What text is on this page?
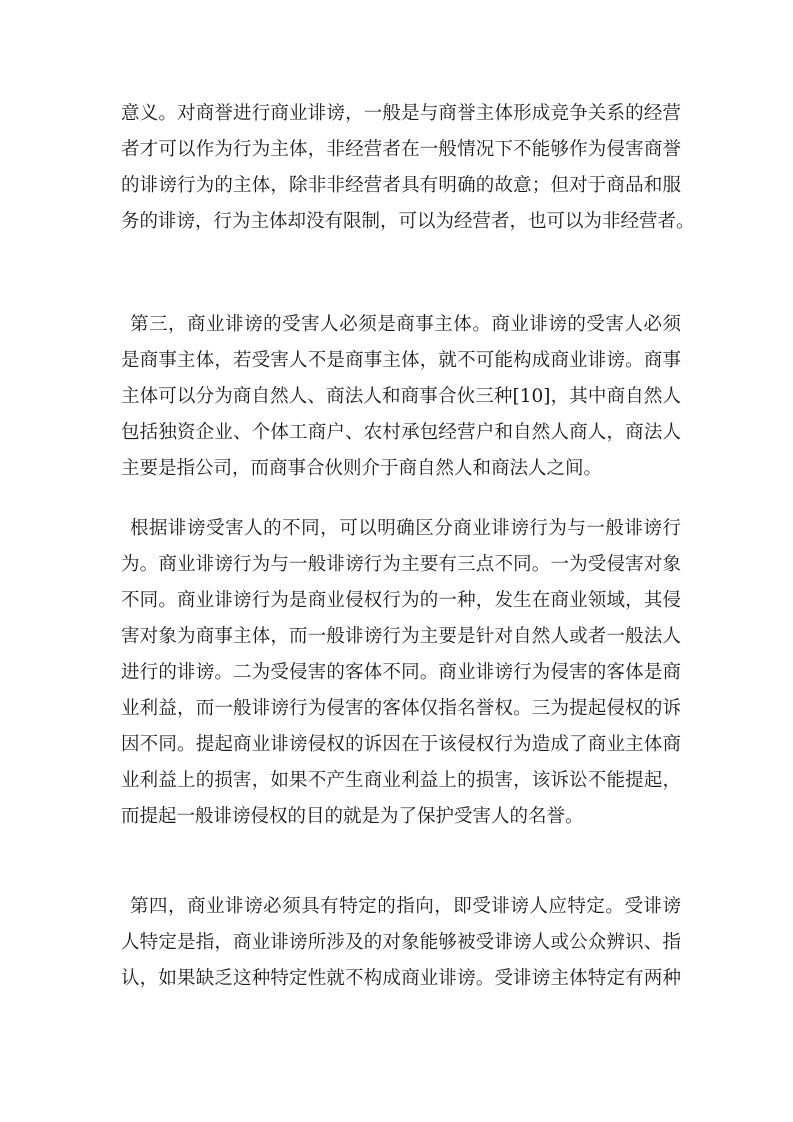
意义。对商誉进行商业诽谤，一般是与商誉主体形成竞争关系的经营
者才可以作为行为主体，非经营者在一般情况下不能够作为侵害商誉
的诽谤行为的主体，除非非经营者具有明确的故意；但对于商品和服
务的诽谤，行为主体却没有限制，可以为经营者，也可以为非经营者。
第三，商业诽谤的受害人必须是商事主体。商业诽谤的受害人必须
是商事主体，若受害人不是商事主体，就不可能构成商业诽谤。商事
主体可以分为商自然人、商法人和商事合伙三种[10]，其中商自然人
包括独资企业、个体工商户、农村承包经营户和自然人商人，商法人
主要是指公司，而商事合伙则介于商自然人和商法人之间。
根据诽谤受害人的不同，可以明确区分商业诽谤行为与一般诽谤行
为。商业诽谤行为与一般诽谤行为主要有三点不同。一为受侵害对象
不同。商业诽谤行为是商业侵权行为的一种，发生在商业领域，其侵
害对象为商事主体，而一般诽谤行为主要是针对自然人或者一般法人
进行的诽谤。二为受侵害的客体不同。商业诽谤行为侵害的客体是商
业利益，而一般诽谤行为侵害的客体仅指名誉权。三为提起侵权的诉
因不同。提起商业诽谤侵权的诉因在于该侵权行为造成了商业主体商
业利益上的损害，如果不产生商业利益上的损害，该诉讼不能提起，
而提起一般诽谤侵权的目的就是为了保护受害人的名誉。
第四，商业诽谤必须具有特定的指向，即受诽谤人应特定。受诽谤
人特定是指，商业诽谤所涉及的对象能够被受诽谤人或公众辨识、指
认，如果缺乏这种特定性就不构成商业诽谤。受诽谤主体特定有两种
